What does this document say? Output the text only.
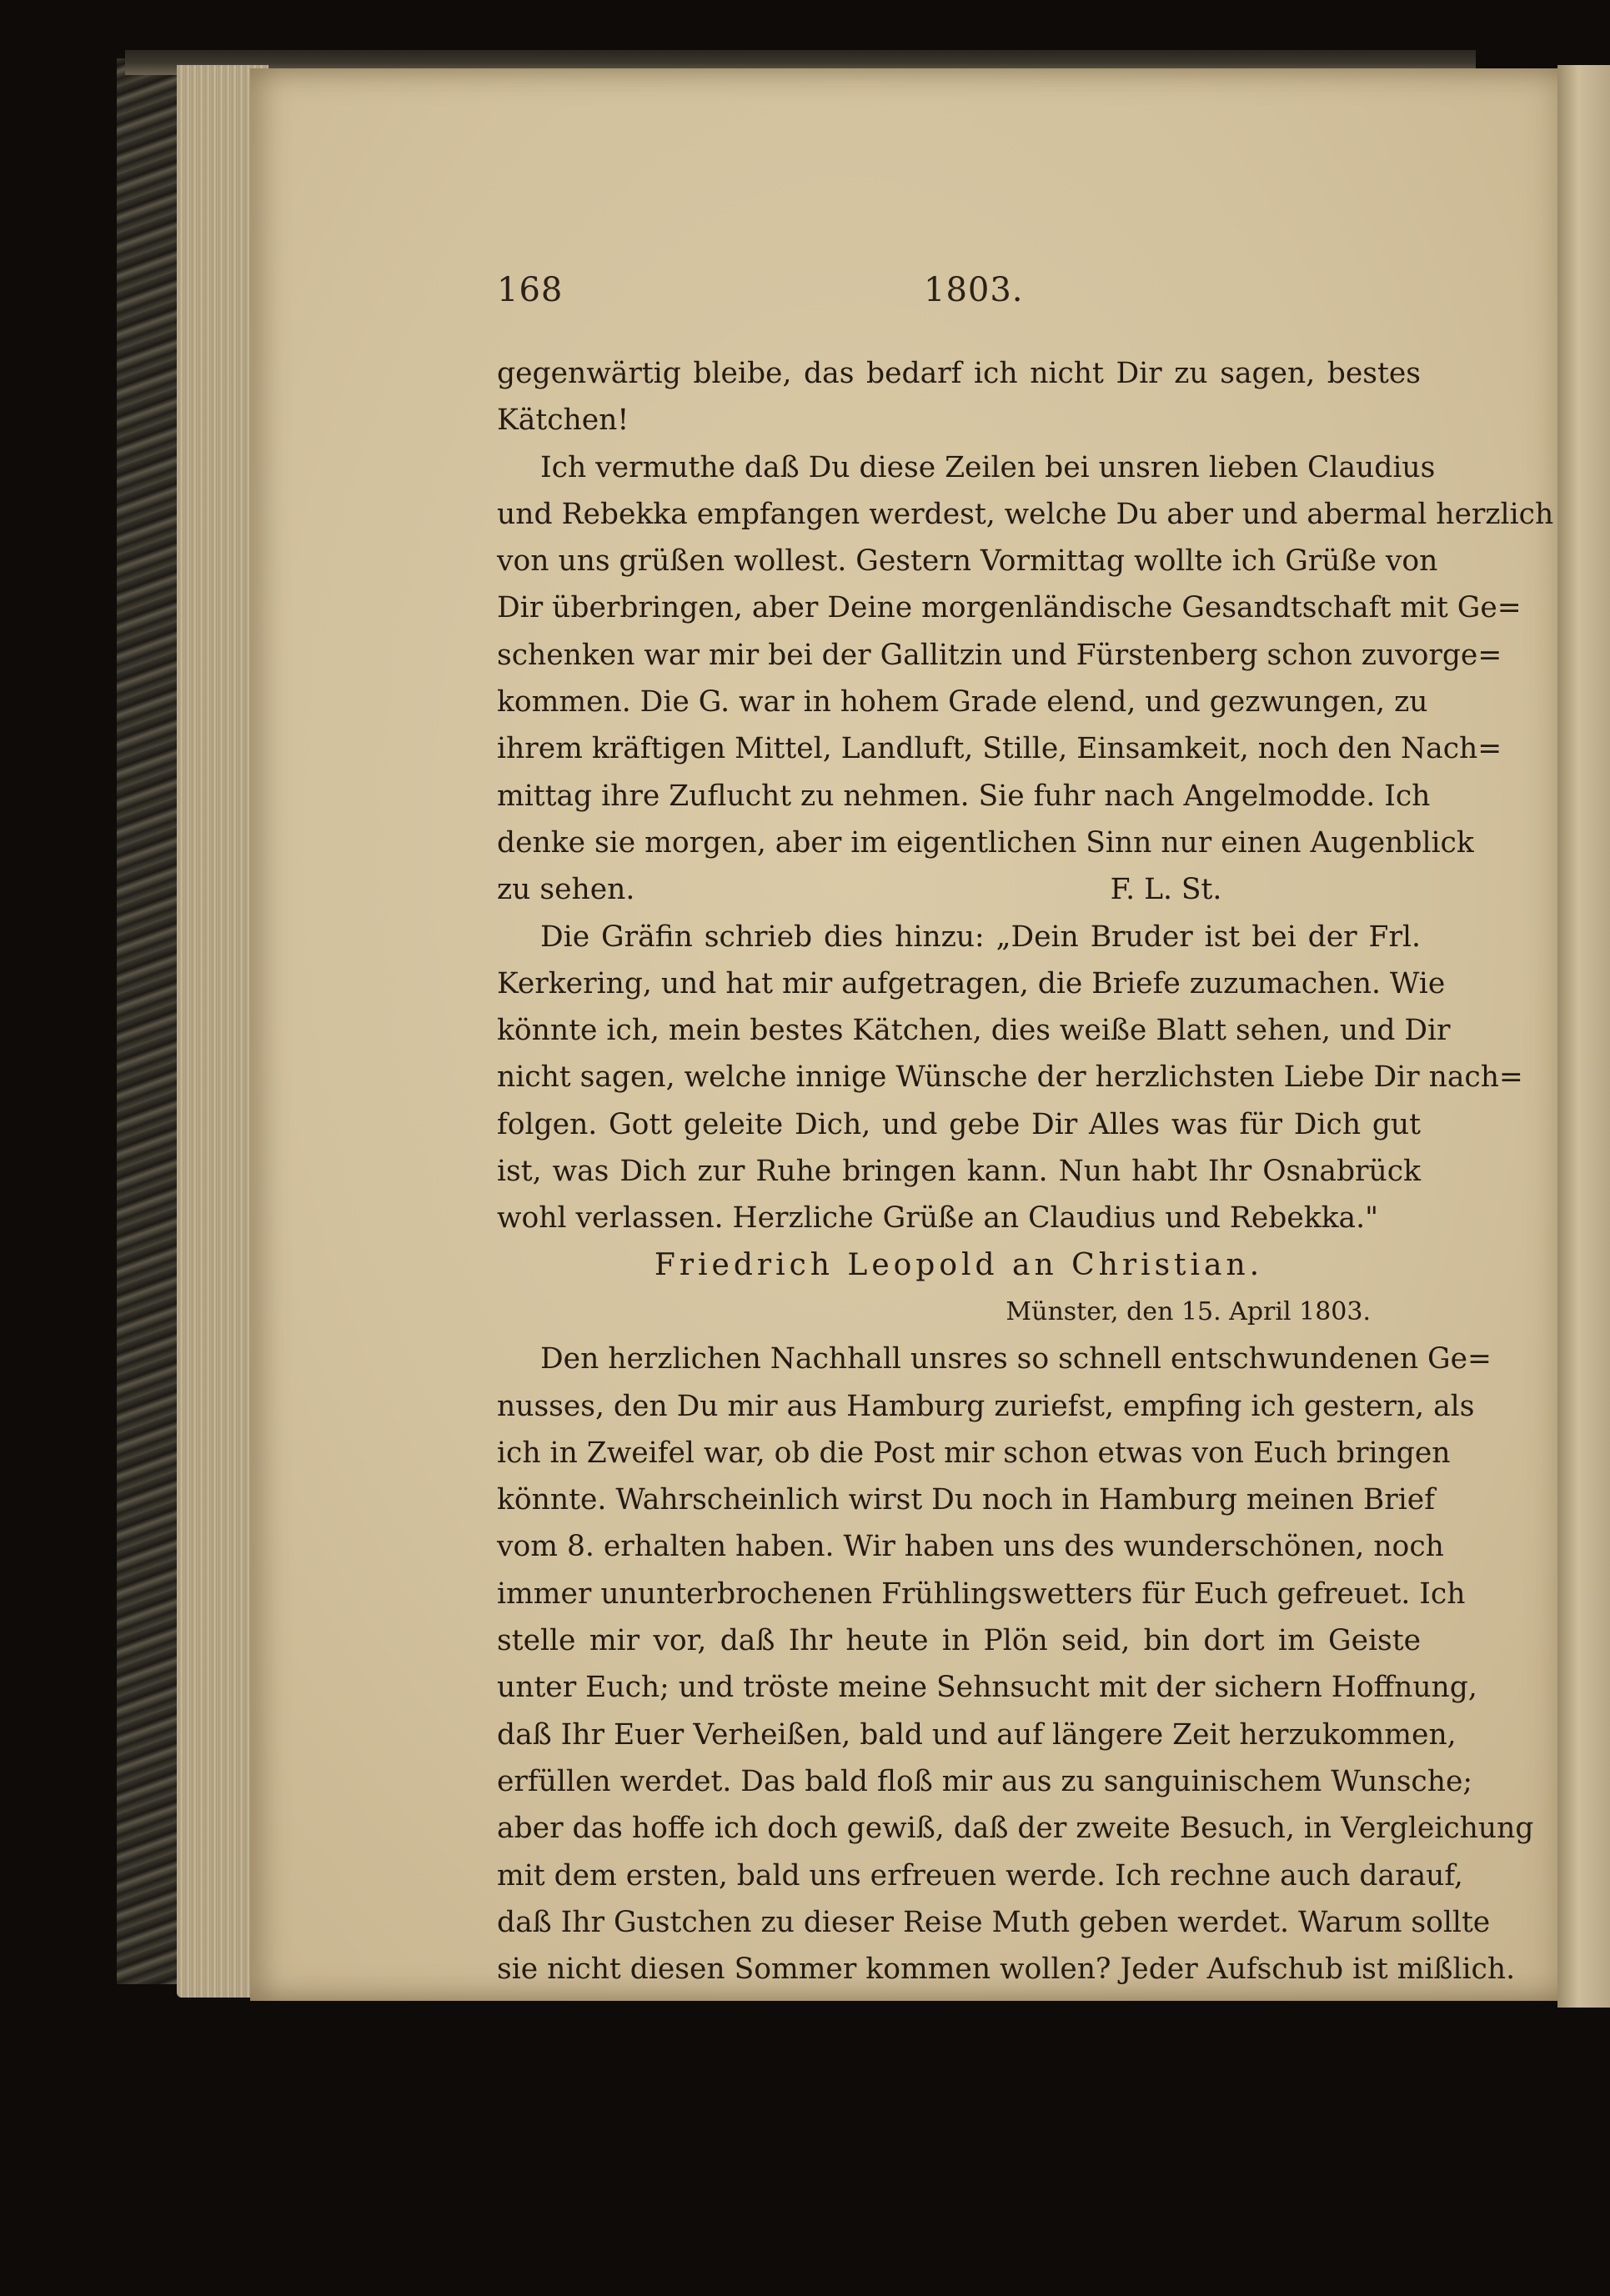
168	1803.
gegenwärtig bleibe, das bedarf ich nicht Dir zu sagen, bestes
Kätchen!
Ich vermuthe daß Du diese Zeilen bei unsren lieben Claudius
und Rebekka empfangen werdest, welche Du aber und abermal herzlich
von uns grüßen wollest. Gestern Vormittag wollte ich Grüße von
Dir überbringen, aber Deine morgenländische Gesandtschaft mit Ge=
schenken war mir bei der Gallitzin und Fürstenberg schon zuvorge=
kommen. Die G. war in hohem Grade elend, und gezwungen, zu
ihrem kräftigen Mittel, Landluft, Stille, Einsamkeit, noch den Nach=
mittag ihre Zuflucht zu nehmen. Sie fuhr nach Angelmodde. Ich
denke sie morgen, aber im eigentlichen Sinn nur einen Augenblick
zu sehen.                                                    F. L. St.
Die Gräfin schrieb dies hinzu: „Dein Bruder ist bei der Frl.
Kerkering, und hat mir aufgetragen, die Briefe zuzumachen. Wie
könnte ich, mein bestes Kätchen, dies weiße Blatt sehen, und Dir
nicht sagen, welche innige Wünsche der herzlichsten Liebe Dir nach=
folgen. Gott geleite Dich, und gebe Dir Alles was für Dich gut
ist, was Dich zur Ruhe bringen kann. Nun habt Ihr Osnabrück
wohl verlassen. Herzliche Grüße an Claudius und Rebekka."
Friedrich Leopold an Christian.
Münster, den 15. April 1803.
Den herzlichen Nachhall unsres so schnell entschwundenen Ge=
nusses, den Du mir aus Hamburg zuriefst, empfing ich gestern, als
ich in Zweifel war, ob die Post mir schon etwas von Euch bringen
könnte. Wahrscheinlich wirst Du noch in Hamburg meinen Brief
vom 8. erhalten haben. Wir haben uns des wunderschönen, noch
immer ununterbrochenen Frühlingswetters für Euch gefreuet. Ich
stelle mir vor, daß Ihr heute in Plön seid, bin dort im Geiste
unter Euch; und tröste meine Sehnsucht mit der sichern Hoffnung,
daß Ihr Euer Verheißen, bald und auf längere Zeit herzukommen,
erfüllen werdet. Das bald floß mir aus zu sanguinischem Wunsche;
aber das hoffe ich doch gewiß, daß der zweite Besuch, in Vergleichung
mit dem ersten, bald uns erfreuen werde. Ich rechne auch darauf,
daß Ihr Gustchen zu dieser Reise Muth geben werdet. Warum sollte
sie nicht diesen Sommer kommen wollen? Jeder Aufschub ist mißlich.
